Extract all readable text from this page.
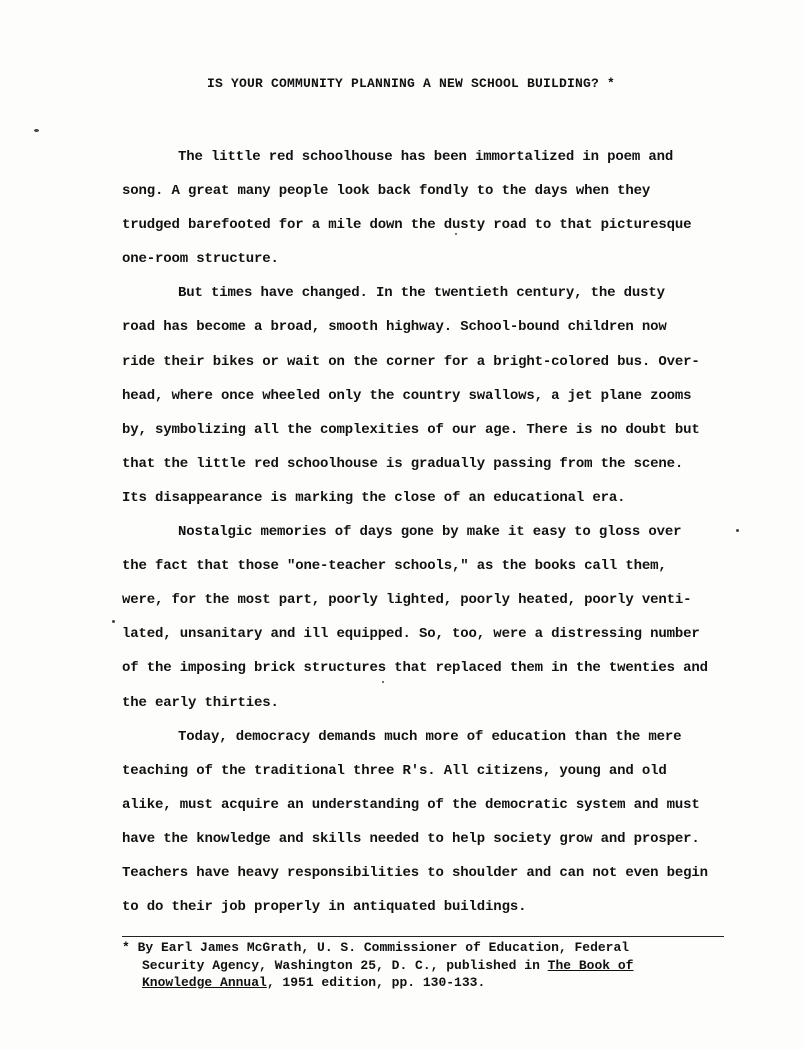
IS YOUR COMMUNITY PLANNING A NEW SCHOOL BUILDING? *
The little red schoolhouse has been immortalized in poem and
song. A great many people look back fondly to the days when they
trudged barefooted for a mile down the dusty road to that picturesque
one-room structure.
But times have changed. In the twentieth century, the dusty
road has become a broad, smooth highway. School-bound children now
ride their bikes or wait on the corner for a bright-colored bus. Over-
head, where once wheeled only the country swallows, a jet plane zooms
by, symbolizing all the complexities of our age. There is no doubt but
that the little red schoolhouse is gradually passing from the scene.
Its disappearance is marking the close of an educational era.
Nostalgic memories of days gone by make it easy to gloss over
the fact that those "one-teacher schools," as the books call them,
were, for the most part, poorly lighted, poorly heated, poorly venti-
lated, unsanitary and ill equipped. So, too, were a distressing number
of the imposing brick structures that replaced them in the twenties and
the early thirties.
Today, democracy demands much more of education than the mere
teaching of the traditional three R's. All citizens, young and old
alike, must acquire an understanding of the democratic system and must
have the knowledge and skills needed to help society grow and prosper.
Teachers have heavy responsibilities to shoulder and can not even begin
to do their job properly in antiquated buildings.
* By Earl James McGrath, U. S. Commissioner of Education, Federal
Security Agency, Washington 25, D. C., published in The Book of
Knowledge Annual, 1951 edition, pp. 130-133.
